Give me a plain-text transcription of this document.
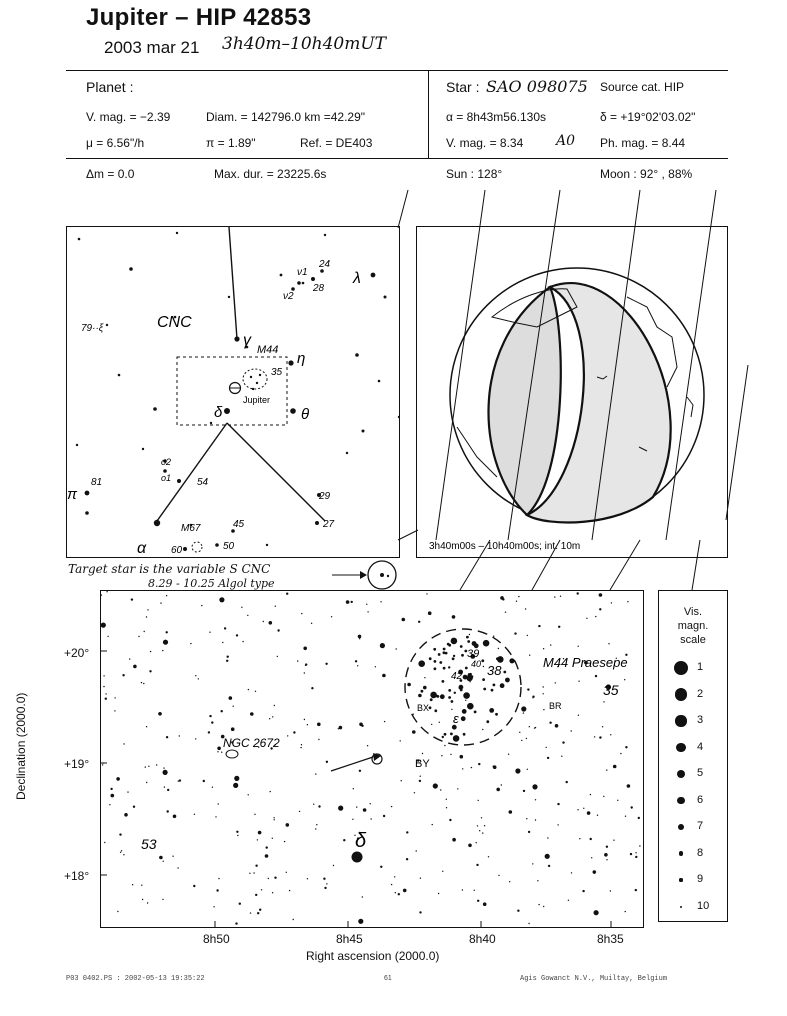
Jupiter – HIP 42853
2003 mar 21 3h40m–10h40mUT
Planet :
V. mag. = −2.39	Diam. = 142796.0 km =42.29"
μ = 6.56"/h	π = 1.89"	Ref. = DE403
Δm = 0.0	Max. dur. = 23225.6s
Star : SAO 098075 Source cat. HIP
α = 8h43m56.130s	δ = +19°02'03.02"
V. mag. = 8.34 A0 Ph. mag. = 8.44
Sun : 128°	Moon : 92° , 88%
CNC
γ
η
θ
δ
α
λ
π
ν1
ν2
24
28
M44
35
Jupiter
o2
o1	54
81
79··ξ
29
27
45
M67
60	50	3h40m00s – 10h40m00s; int. 10m
Target star is the variable S CNC
8.29 - 10.25 Algol type
Declination (2000.0)
+20°
+19°
+18°
M44 Praesepe
35
38
39
40
42
BX	BR
ε
NGC 2672
BY
53	δ
8h50	8h45	8h40	8h35
Right ascension (2000.0)
Vis.
magn.
scale
1
2
3
4
5
6
7
8
9
10
P03 0402.PS : 2002-05-13 19:35:22	61	Agis Gowanct N.V., Muiltay, Belgium
